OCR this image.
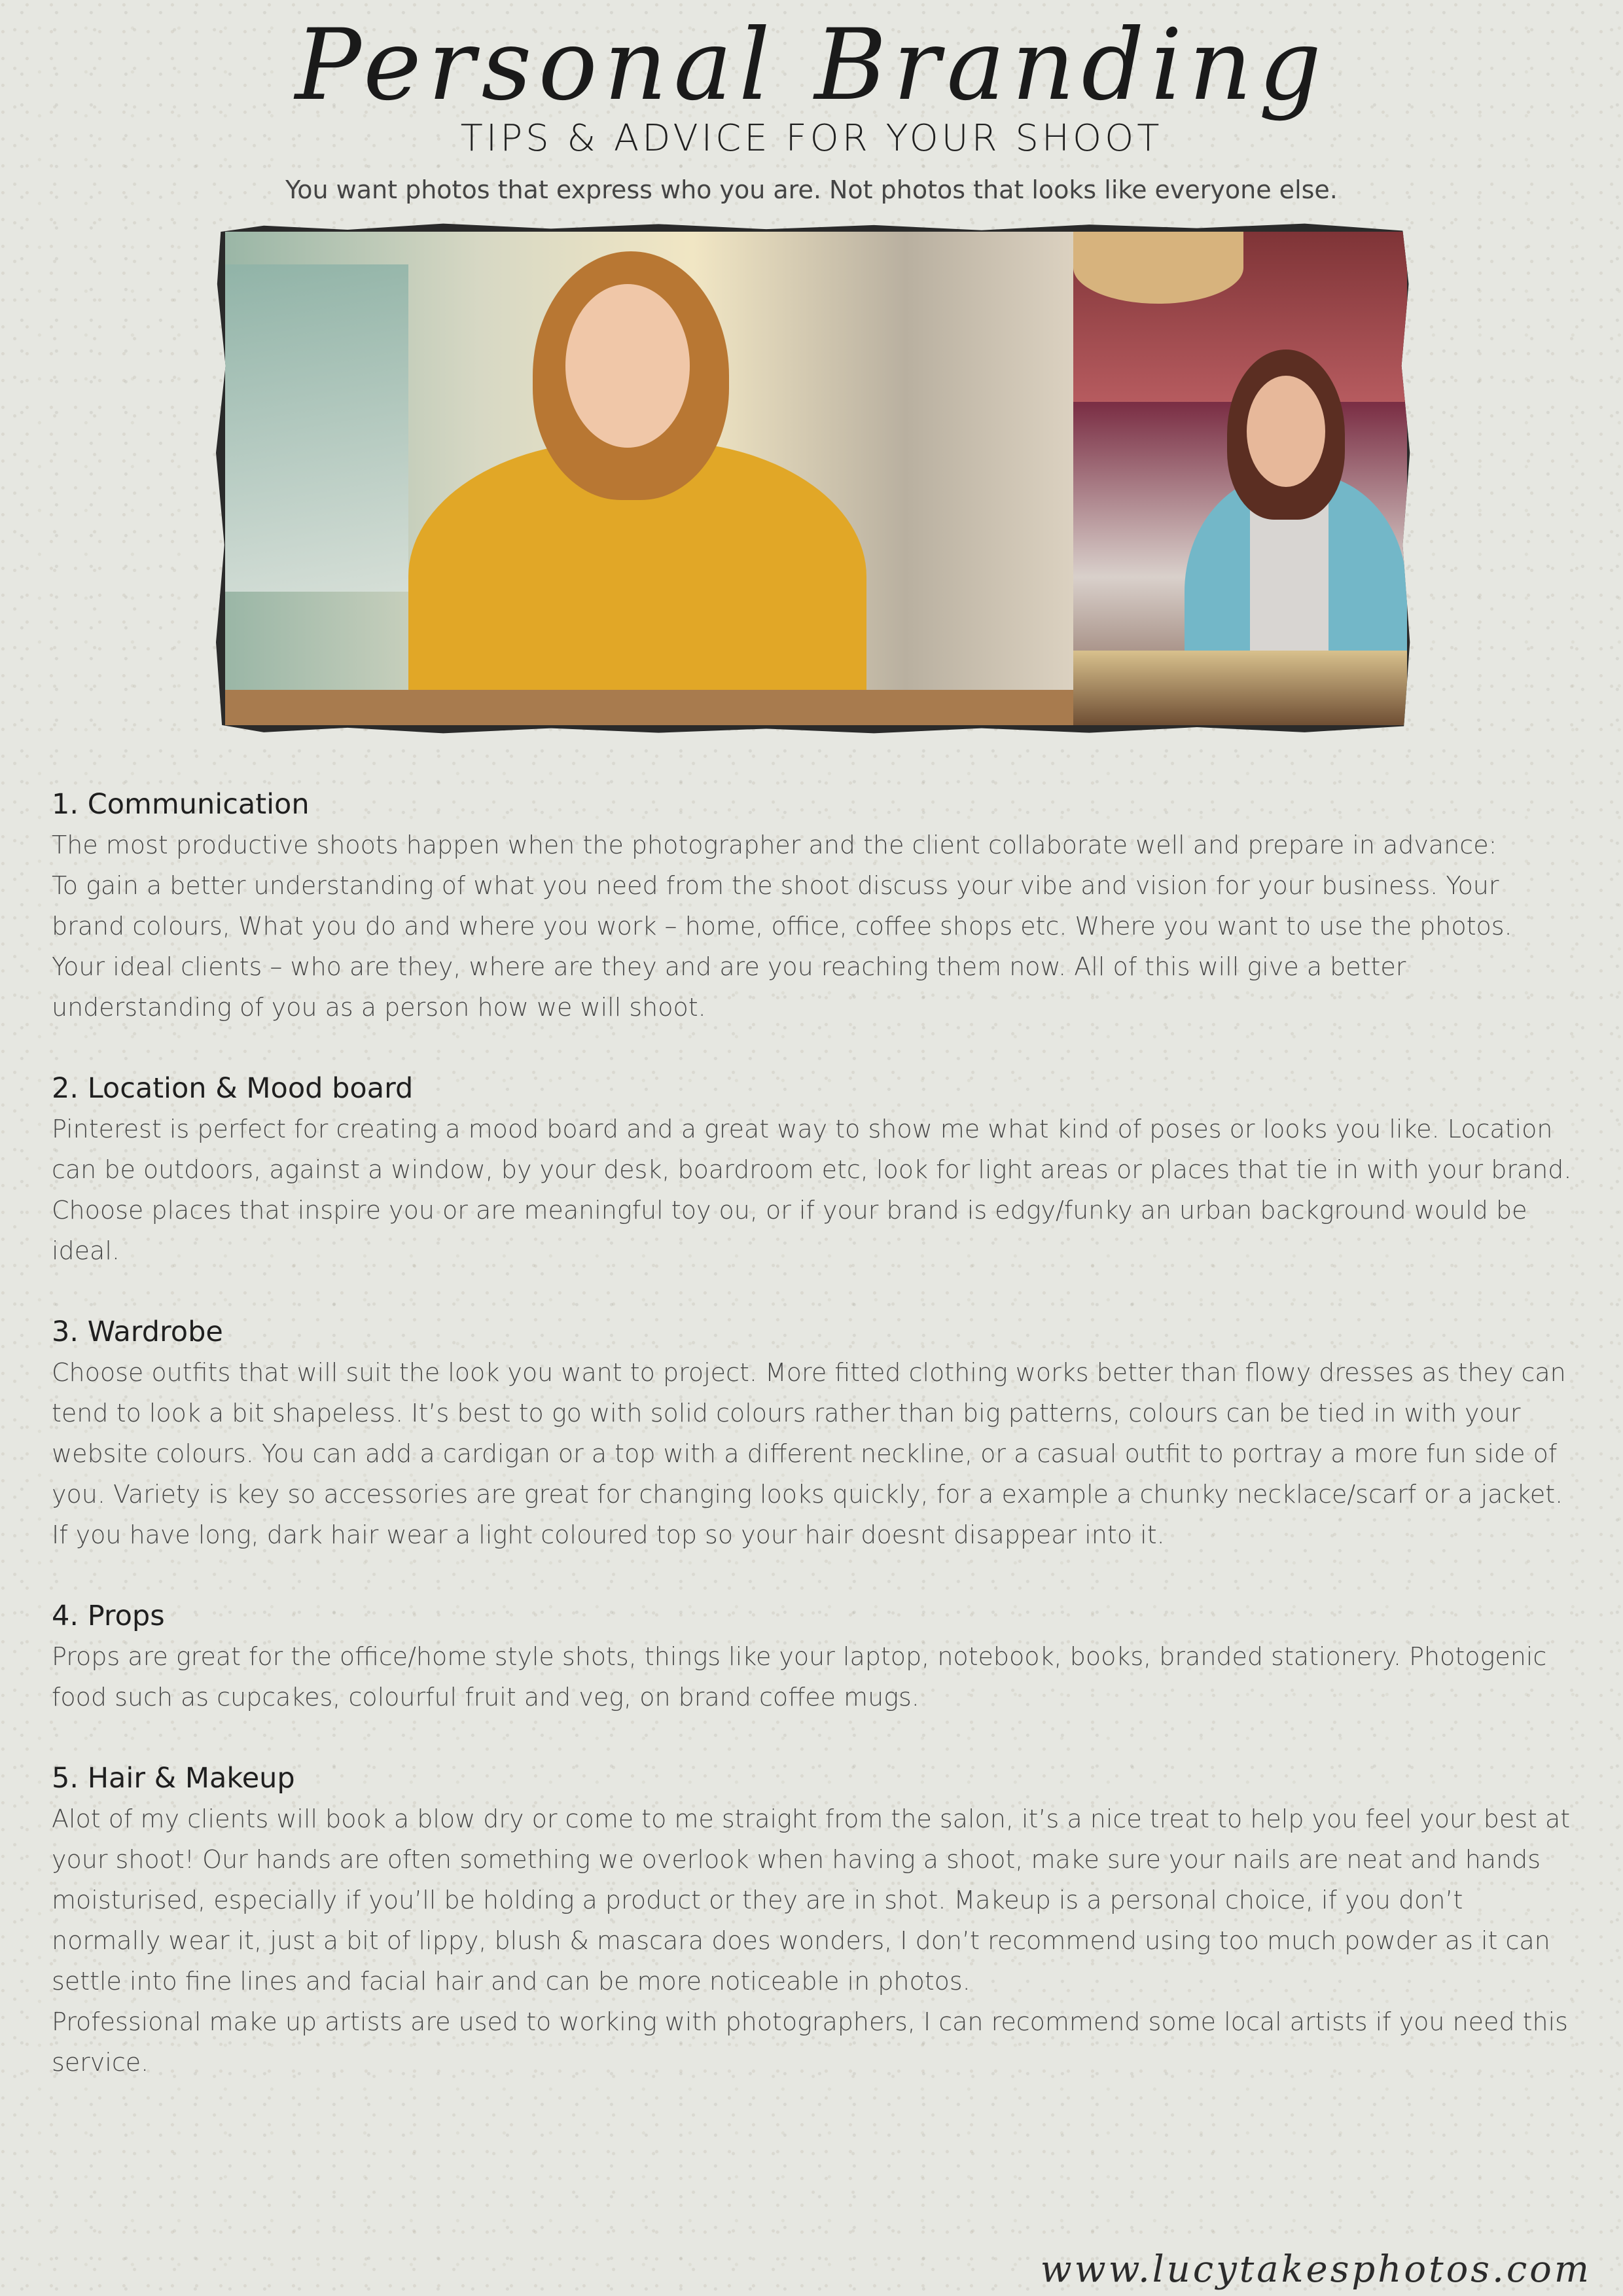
Personal Branding
TIPS & ADVICE FOR YOUR SHOOT
You want photos that express who you are. Not photos that looks like everyone else.
1. Communication
The most productive shoots happen when the photographer and the client collaborate well and prepare in advance:
To gain a better understanding of what you need from the shoot discuss your vibe and vision for your business. Your brand colours, What you do and where you work – home, office, coffee shops etc. Where you want to use the photos.
Your ideal clients – who are they, where are they and are you reaching them now. All of this will give a better understanding of you as a person how we will shoot.
2. Location & Mood board
Pinterest is perfect for creating a mood board and a great way to show me what kind of poses or looks you like. Location can be outdoors, against a window, by your desk, boardroom etc, look for light areas or places that tie in with your brand. Choose places that inspire you or are meaningful toy ou, or if your brand is edgy/funky an urban background would be ideal.
3. Wardrobe
Choose outfits that will suit the look you want to project. More fitted clothing works better than flowy dresses as they can tend to look a bit shapeless. It’s best to go with solid colours rather than big patterns, colours can be tied in with your website colours. You can add a cardigan or a top with a different neckline, or a casual outfit to portray a more fun side of you. Variety is key so accessories are great for changing looks quickly, for a example a chunky necklace/scarf or a jacket. If you have long, dark hair wear a light coloured top so your hair doesnt disappear into it.
4. Props
Props are great for the office/home style shots, things like your laptop, notebook, books, branded stationery. Photogenic food such as cupcakes, colourful fruit and veg, on brand coffee mugs.
5. Hair & Makeup
Alot of my clients will book a blow dry or come to me straight from the salon, it’s a nice treat to help you feel your best at your shoot! Our hands are often something we overlook when having a shoot, make sure your nails are neat and hands moisturised, especially if you’ll be holding a product or they are in shot. Makeup is a personal choice, if you don’t normally wear it, just a bit of lippy, blush & mascara does wonders, I don’t recommend using too much powder as it can settle into fine lines and facial hair and can be more noticeable in photos.
Professional make up artists are used to working with photographers, I can recommend some local artists if you need this service.
www.lucytakesphotos.com
